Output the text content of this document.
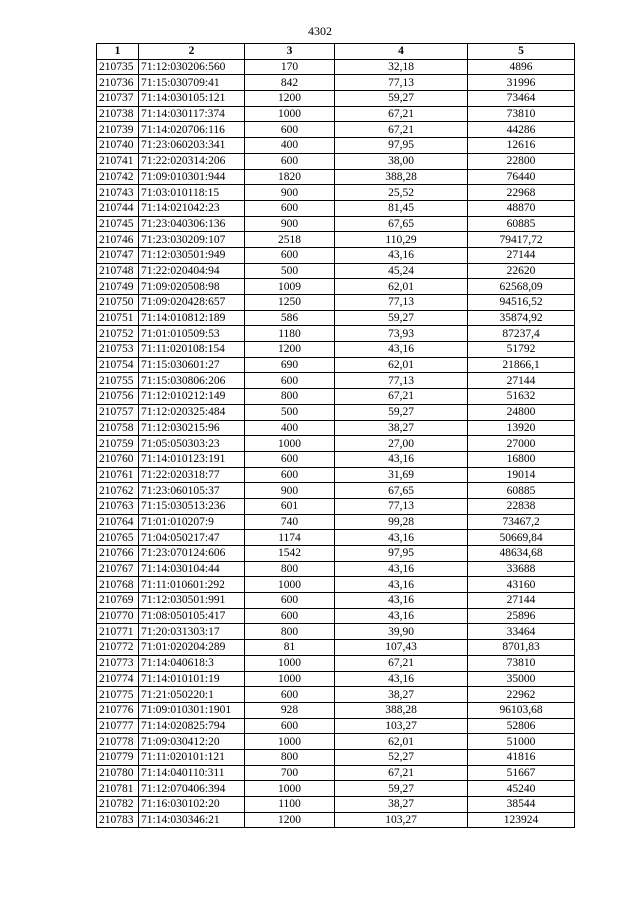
4302
1	2	3	4	5
210735	71:12:030206:560	170	32,18	4896
210736	71:15:030709:41	842	77,13	31996
210737	71:14:030105:121	1200	59,27	73464
210738	71:14:030117:374	1000	67,21	73810
210739	71:14:020706:116	600	67,21	44286
210740	71:23:060203:341	400	97,95	12616
210741	71:22:020314:206	600	38,00	22800
210742	71:09:010301:944	1820	388,28	76440
210743	71:03:010118:15	900	25,52	22968
210744	71:14:021042:23	600	81,45	48870
210745	71:23:040306:136	900	67,65	60885
210746	71:23:030209:107	2518	110,29	79417,72
210747	71:12:030501:949	600	43,16	27144
210748	71:22:020404:94	500	45,24	22620
210749	71:09:020508:98	1009	62,01	62568,09
210750	71:09:020428:657	1250	77,13	94516,52
210751	71:14:010812:189	586	59,27	35874,92
210752	71:01:010509:53	1180	73,93	87237,4
210753	71:11:020108:154	1200	43,16	51792
210754	71:15:030601:27	690	62,01	21866,1
210755	71:15:030806:206	600	77,13	27144
210756	71:12:010212:149	800	67,21	51632
210757	71:12:020325:484	500	59,27	24800
210758	71:12:030215:96	400	38,27	13920
210759	71:05:050303:23	1000	27,00	27000
210760	71:14:010123:191	600	43,16	16800
210761	71:22:020318:77	600	31,69	19014
210762	71:23:060105:37	900	67,65	60885
210763	71:15:030513:236	601	77,13	22838
210764	71:01:010207:9	740	99,28	73467,2
210765	71:04:050217:47	1174	43,16	50669,84
210766	71:23:070124:606	1542	97,95	48634,68
210767	71:14:030104:44	800	43,16	33688
210768	71:11:010601:292	1000	43,16	43160
210769	71:12:030501:991	600	43,16	27144
210770	71:08:050105:417	600	43,16	25896
210771	71:20:031303:17	800	39,90	33464
210772	71:01:020204:289	81	107,43	8701,83
210773	71:14:040618:3	1000	67,21	73810
210774	71:14:010101:19	1000	43,16	35000
210775	71:21:050220:1	600	38,27	22962
210776	71:09:010301:1901	928	388,28	96103,68
210777	71:14:020825:794	600	103,27	52806
210778	71:09:030412:20	1000	62,01	51000
210779	71:11:020101:121	800	52,27	41816
210780	71:14:040110:311	700	67,21	51667
210781	71:12:070406:394	1000	59,27	45240
210782	71:16:030102:20	1100	38,27	38544
210783	71:14:030346:21	1200	103,27	123924
